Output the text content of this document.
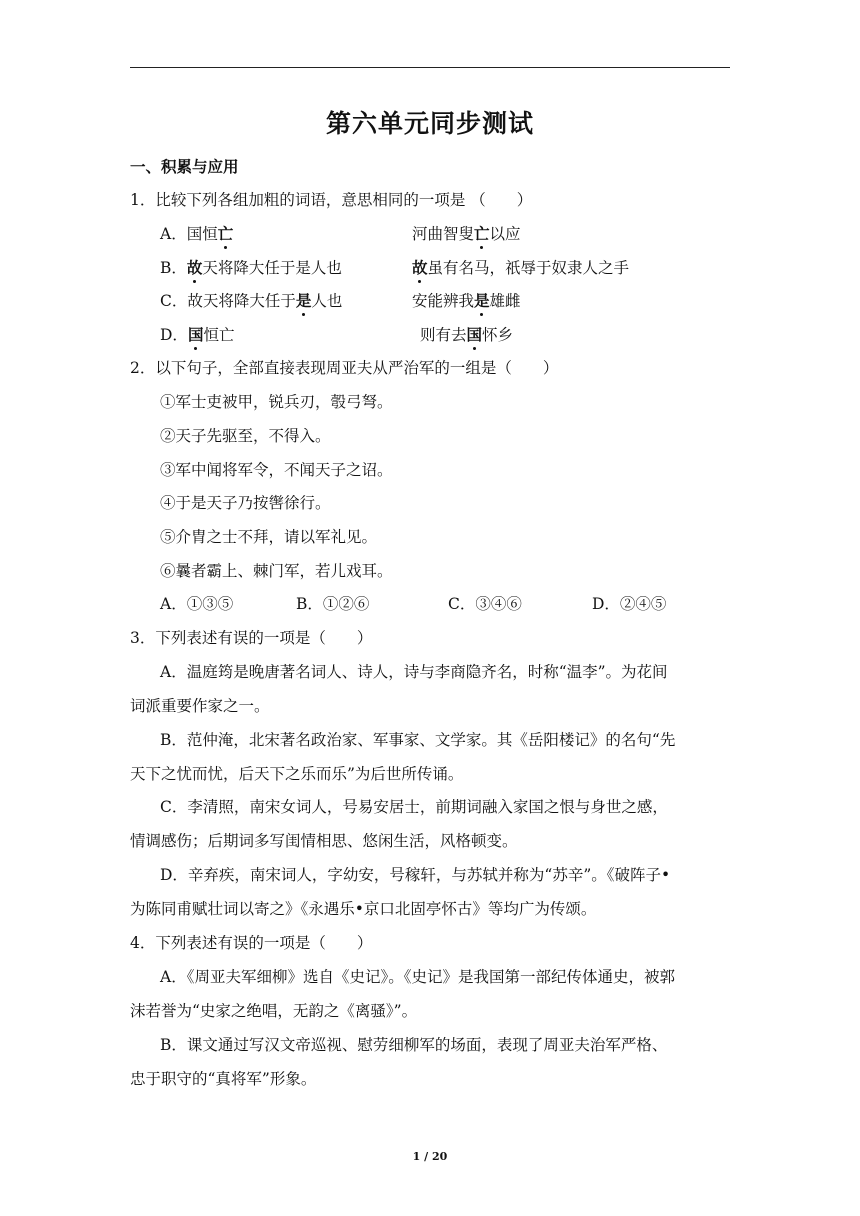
第六单元同步测试
一、积累与应用
1．比较下列各组加粗的词语，意思相同的一项是 （　　）
A．国恒亡	河曲智叟亡以应
B．故天将降大任于是人也	故虽有名马，祇辱于奴隶人之手
C．故天将降大任于是人也	安能辨我是雄雌
D．国恒亡	则有去国怀乡
2．以下句子，全部直接表现周亚夫从严治军的一组是（　　）
①军士吏被甲，锐兵刃，彀弓弩。
②天子先驱至，不得入。
③军中闻将军令，不闻天子之诏。
④于是天子乃按辔徐行。
⑤介胄之士不拜，请以军礼见。
⑥曩者霸上、棘门军，若儿戏耳。
A．①③⑤	B．①②⑥	C．③④⑥	D．②④⑤
3．下列表述有误的一项是（　　）
A．温庭筠是晚唐著名词人、诗人，诗与李商隐齐名，时称“温李”。为花间
词派重要作家之一。
B．范仲淹，北宋著名政治家、军事家、文学家。其《岳阳楼记》的名句“先
天下之忧而忧，后天下之乐而乐”为后世所传诵。
C．李清照，南宋女词人，号易安居士，前期词融入家国之恨与身世之感，
情调感伤；后期词多写闺情相思、悠闲生活，风格顿变。
D．辛弃疾，南宋词人，字幼安，号稼轩，与苏轼并称为“苏辛”。《破阵子•
为陈同甫赋壮词以寄之》《永遇乐•京口北固亭怀古》等均广为传颂。
4．下列表述有误的一项是（　　）
A．《周亚夫军细柳》选自《史记》。《史记》是我国第一部纪传体通史，被郭
沫若誉为“史家之绝唱，无韵之《离骚》”。
B．课文通过写汉文帝巡视、慰劳细柳军的场面，表现了周亚夫治军严格、
忠于职守的“真将军”形象。
1 / 20
